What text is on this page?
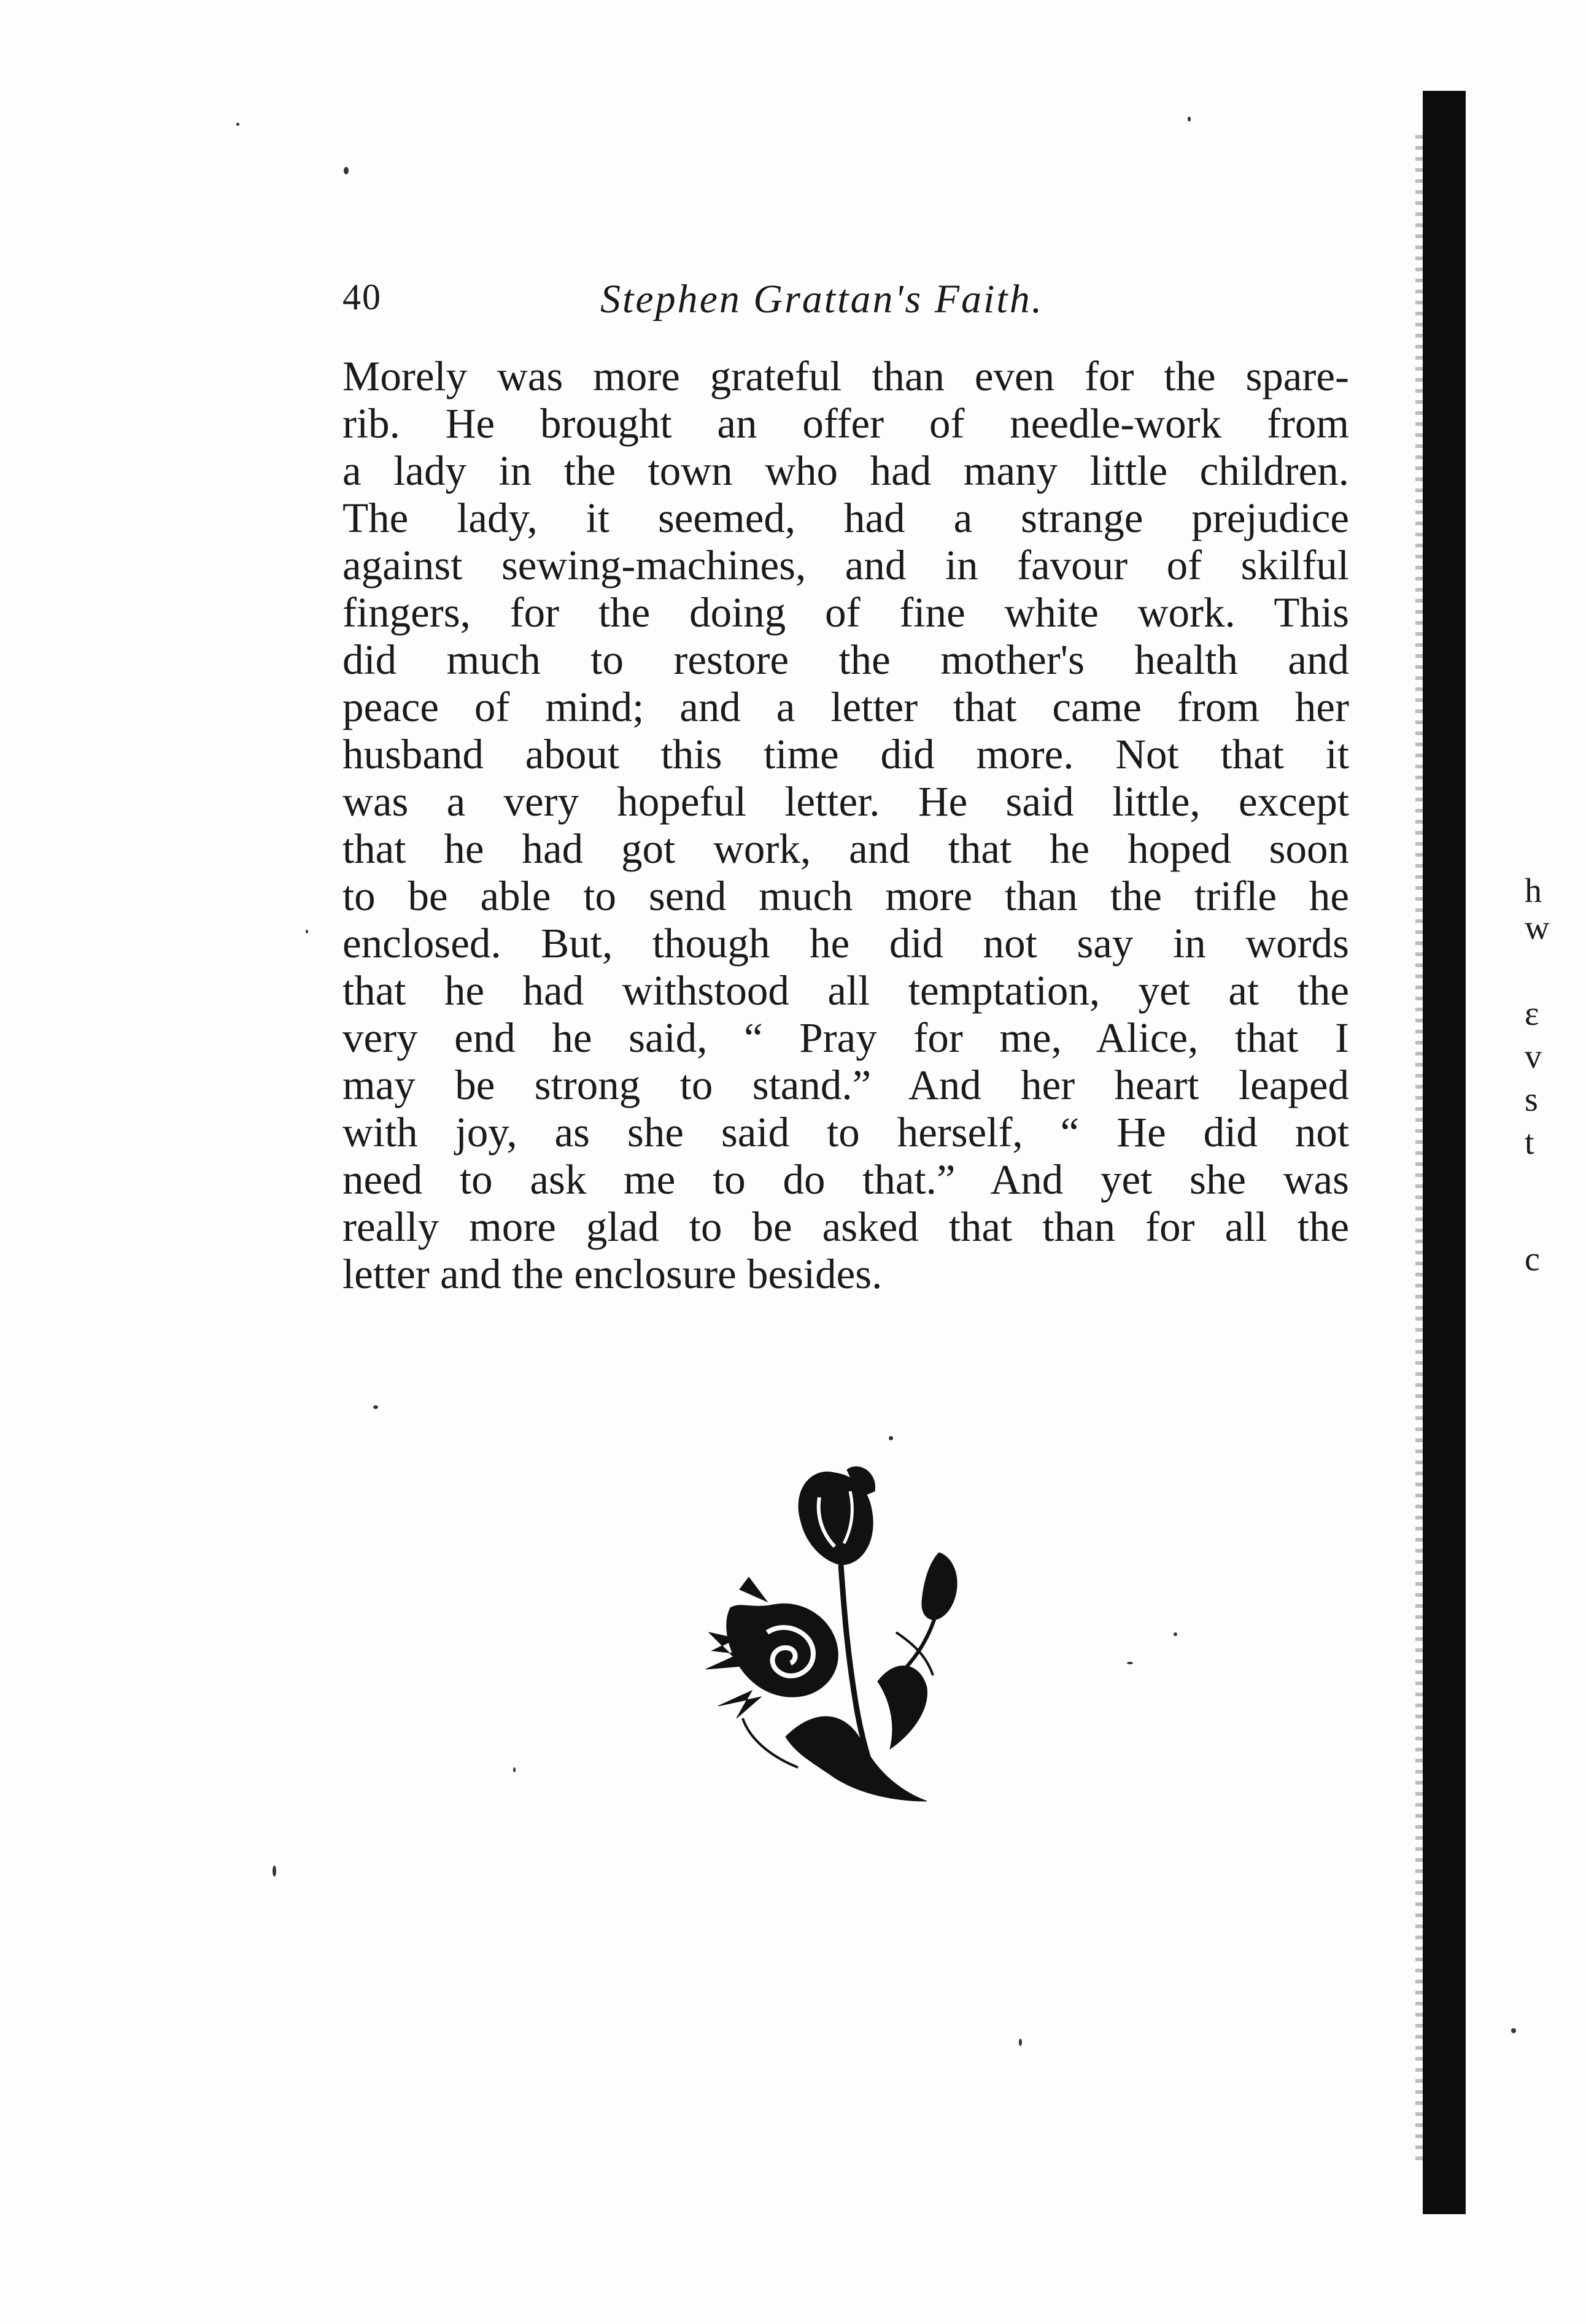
40	Stephen Grattan's Faith.
Morely was more grateful than even for the spare-
rib. He brought an offer of needle-work from
a lady in the town who had many little children.
The lady, it seemed, had a strange prejudice
against sewing-machines, and in favour of skilful
fingers, for the doing of fine white work. This
did much to restore the mother's health and
peace of mind; and a letter that came from her
husband about this time did more. Not that it
was a very hopeful letter. He said little, except
that he had got work, and that he hoped soon
to be able to send much more than the trifle he
enclosed. But, though he did not say in words
that he had withstood all temptation, yet at the
very end he said, “ Pray for me, Alice, that I
may be strong to stand.” And her heart leaped
with joy, as she said to herself, “ He did not
need to ask me to do that.” And yet she was
really more glad to be asked that than for all the
letter and the enclosure besides.
h
w
ε
v
s
t
c
